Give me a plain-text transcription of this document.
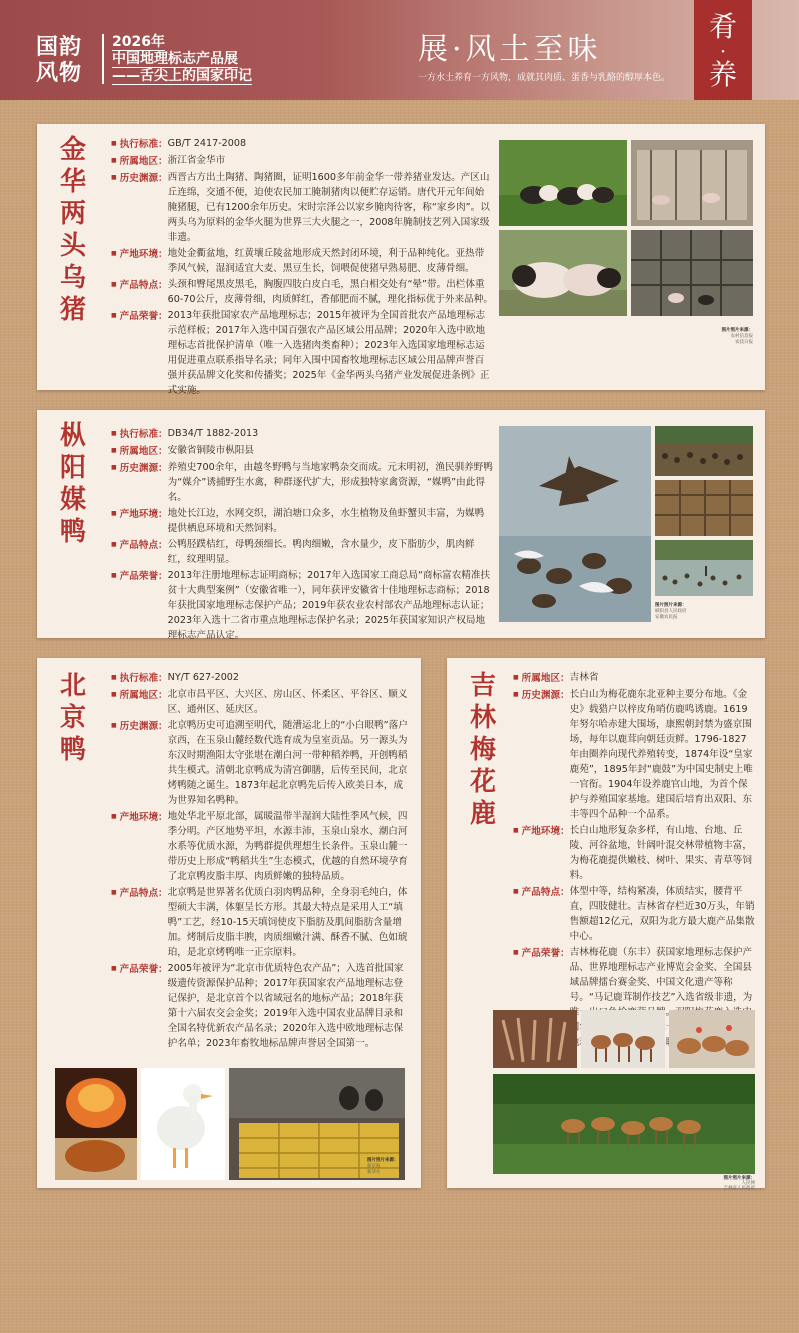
国韵
风物
2026年
中国地理标志产品展
——舌尖上的国家印记
展·风土至味
一方水土养育一方风物，成就其肉质、蛋香与乳酪的醇厚本色。
肴
·
养
金华两头乌猪
■ 执行标准： GB/T 2417-2008
■ 所属地区： 浙江省金华市
■ 历史渊源： 西晋古方出土陶猪、陶猪圈，证明1600多年前金华一带养猪业发达。产区山丘连绵，交通不便，迫使农民加工腌制猪肉以便贮存运销。唐代开元年间始腌猪腿，已有1200余年历史。宋时宗泽公以家乡腌肉待客，称“家乡肉”。以两头乌为原料的金华火腿为世界三大火腿之一，2008年腌制技艺列入国家级非遗。
■ 产地环境： 地处金衢盆地，红黄壤丘陵盆地形成天然封闭环境，利于品种纯化。亚热带季风气候，湿润适宜大麦、黑豆生长，饲喂促使猪早熟易肥、皮薄骨细。
■ 产品特点： 头颈和臀尾黑皮黑毛，胸腹四肢白皮白毛，黑白相交处有“晕”带。出栏体重60-70公斤，皮薄骨细，肉质鲜红，香郁肥而不腻，理化指标优于外来品种。
■ 产品荣誉： 2013年获批国家农产品地理标志；2015年被评为全国首批农产品地理标志示范样板；2017年入选中国百强农产品区域公用品牌；2020年入选中欧地理标志首批保护清单（唯一入选猪肉类畜种）；2023年入选国家地理标志运用促进重点联系指导名录；同年入围中国畜牧地理标志区域公用品牌声誉百强并获品牌文化奖和传播奖；2025年《金华两头乌猪产业发展促进条例》正式实施。
图片照片来源：
农村信息报
农技日报
枞阳媒鸭
■ 执行标准： DB34/T 1882-2013
■ 所属地区： 安徽省铜陵市枞阳县
■ 历史渊源： 养殖史700余年，由越冬野鸭与当地家鸭杂交而成。元末明初，渔民驯养野鸭为“媒介”诱捕野生水禽，种群逐代扩大，形成独特家禽资源，“媒鸭”由此得名。
■ 产地环境： 地处长江边，水网交织，湖泊塘口众多，水生植物及鱼虾蟹贝丰富，为媒鸭提供栖息环境和天然饲料。
■ 产品特点： 公鸭胫蹼桔红，母鸭颈细长。鸭肉细嫩，含水量少，皮下脂肪少，肌肉鲜红，纹理明显。
■ 产品荣誉： 2013年注册地理标志证明商标；2017年入选国家工商总局“商标富农精准扶贫十大典型案例”（安徽省唯一），同年获评安徽省十佳地理标志商标；2018年获批国家地理标志保护产品；2019年获农业农村部农产品地理标志认证；2023年入选十二省市重点地理标志保护名录；2025年获国家知识产权局地理标志产品认定。
图片照片来源：
枞阳县人民政府
安徽农民报
北京鸭
■ 执行标准： NY/T 627-2002
■ 所属地区： 北京市昌平区、大兴区、房山区、怀柔区、平谷区、顺义区、通州区、延庆区。
■ 历史渊源： 北京鸭历史可追溯至明代，随漕运北上的“小白眼鸭”落户京西，在玉泉山麓经数代选育成为皇室贡品。另一源头为东汉时期渔阳太守张堪在潮白河一带种稻养鸭，开创鸭稻共生模式。清朝北京鸭成为清宫御膳，后传至民间，北京烤鸭随之诞生。1873年起北京鸭先后传入欧美日本，成为世界知名鸭种。
■ 产地环境： 地处华北平原北部，属暖温带半湿润大陆性季风气候，四季分明。产区地势平坦，水源丰沛，玉泉山泉水、潮白河水系等优质水源，为鸭群提供理想生长条件。玉泉山麓一带历史上形成“鸭稻共生”生态模式，优越的自然环境孕育了北京鸭皮脂丰厚、肉质鲜嫩的独特品质。
■ 产品特点： 北京鸭是世界著名优质白羽肉鸭品种，全身羽毛纯白，体型硕大丰满，体躯呈长方形。其最大特点是采用人工“填鸭”工艺，经10-15天填饲使皮下脂肪及肌间脂肪含量增加。烤制后皮脂丰腴，肉质细嫩汁满、酥香不腻、色如琥珀，是北京烤鸭唯一正宗原料。
■ 产品荣誉： 2005年被评为“北京市优质特色农产品”；入选首批国家级遗传资源保护品种；2017年获国家农产品地理标志登记保护，是北京首个以省域冠名的地标产品；2018年获第十六届农交会金奖；2019年入选中国农业品牌目录和全国名特优新农产品名录；2020年入选中欧地理标志保护名单；2023年畜牧地标品牌声誉居全国第一。
图片照片来源：
新京报
新华社
吉林梅花鹿
■ 所属地区： 吉林省
■ 历史渊源： 长白山为梅花鹿东北亚种主要分布地。《金史》载猎户以梓皮角哨仿鹿鸣诱鹿。1619年努尔哈赤建大围场，康熙朝封禁为盛京围场，每年以鹿茸向朝廷贡鲜。1796-1827年由圈养向现代养殖转变，1874年设“皇家鹿苑”，1895年封“鹿鼓”为中国史制史上唯一官衔。1904年设养鹿官山地，为首个保护与养殖国家基地。建国后培育出双阳、东丰等四个品种一个品系。
■ 产地环境： 长白山地形复杂多样，有山地、台地、丘陵、河谷盆地，针阔叶混交林带植物丰富，为梅花鹿提供嫩枝、树叶、果实、青草等饲料。
■ 产品特点： 体型中等，结构紧凑，体质结实，腰背平直，四肢健壮。吉林省存栏近30万头，年销售额超12亿元，双阳为北方最大鹿产品集散中心。
■ 产品荣誉： 吉林梅花鹿（东丰）获国家地理标志保护产品、世界地理标志产业博览会金奖、全国县域品牌擂台赛金奖、中国文化遗产等称号。“马记鹿茸制作技艺”入选省级非遗，为唯一 鹿茸品牌。双阳梅 林十 地理 重点联系
图片照片来源：
人民网
吉林省人民政府
